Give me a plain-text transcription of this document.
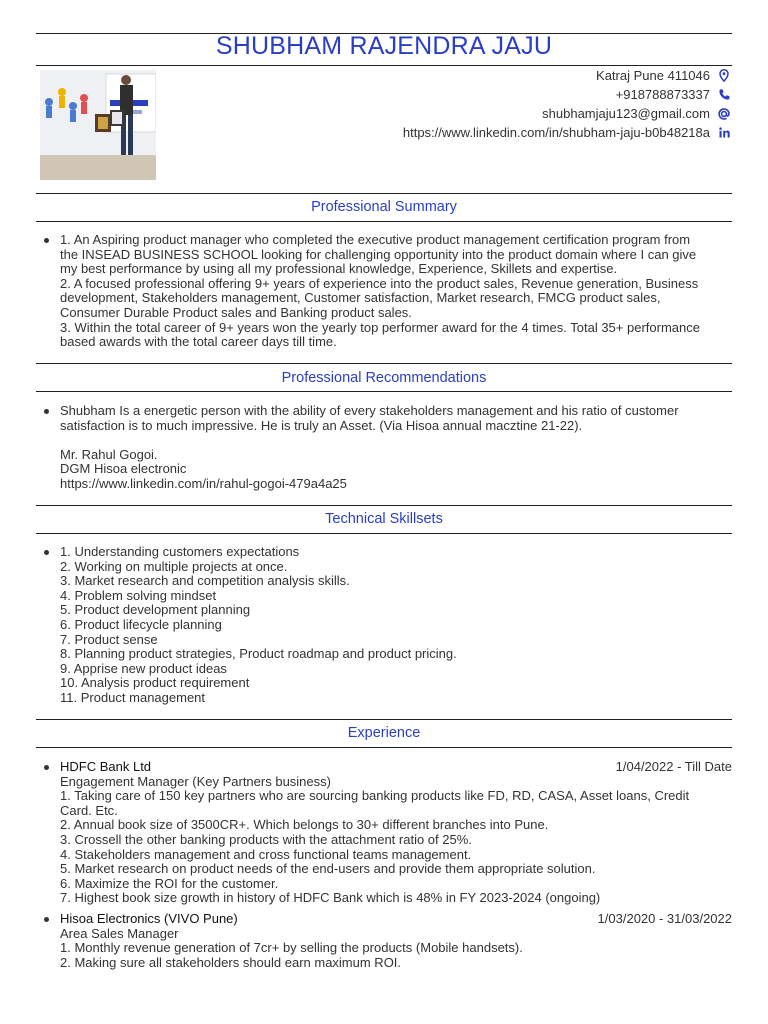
SHUBHAM RAJENDRA JAJU
Katraj Pune 411046
+918788873337
shubhamjaju123@gmail.com
https://www.linkedin.com/in/shubham-jaju-b0b48218a
Professional Summary
1. An Aspiring product manager who completed the executive product management certification program from
the INSEAD BUSINESS SCHOOL looking for challenging opportunity into the product domain where I can give
my best performance by using all my professional knowledge, Experience, Skillets and expertise.
2. A focused professional offering 9+ years of experience into the product sales, Revenue generation, Business
development, Stakeholders management, Customer satisfaction, Market research, FMCG product sales,
Consumer Durable Product sales and Banking product sales.
3. Within the total career of 9+ years won the yearly top performer award for the 4 times. Total 35+ performance
based awards with the total career days till time.
Professional Recommendations
Shubham Is a energetic person with the ability of every stakeholders management and his ratio of customer
satisfaction is to much impressive. He is truly an Asset. (Via Hisoa annual macztine 21-22).
Mr. Rahul Gogoi.
DGM Hisoa electronic
https://www.linkedin.com/in/rahul-gogoi-479a4a25
Technical Skillsets
1. Understanding customers expectations
2. Working on multiple projects at once.
3. Market research and competition analysis skills.
4. Problem solving mindset
5. Product development planning
6. Product lifecycle planning
7. Product sense
8. Planning product strategies, Product roadmap and product pricing.
9. Apprise new product ideas
10. Analysis product requirement
11. Product management
Experience
HDFC Bank Ltd	1/04/2022 - Till Date
Engagement Manager (Key Partners business)
1. Taking care of 150 key partners who are sourcing banking products like FD, RD, CASA, Asset loans, Credit
Card. Etc.
2. Annual book size of 3500CR+. Which belongs to 30+ different branches into Pune.
3. Crossell the other banking products with the attachment ratio of 25%.
4. Stakeholders management and cross functional teams management.
5. Market research on product needs of the end-users and provide them appropriate solution.
6. Maximize the ROI for the customer.
7. Highest book size growth in history of HDFC Bank which is 48% in FY 2023-2024 (ongoing)
Hisoa Electronics (VIVO Pune)	1/03/2020 - 31/03/2022
Area Sales Manager
1. Monthly revenue generation of 7cr+ by selling the products (Mobile handsets).
2. Making sure all stakeholders should earn maximum ROI.
